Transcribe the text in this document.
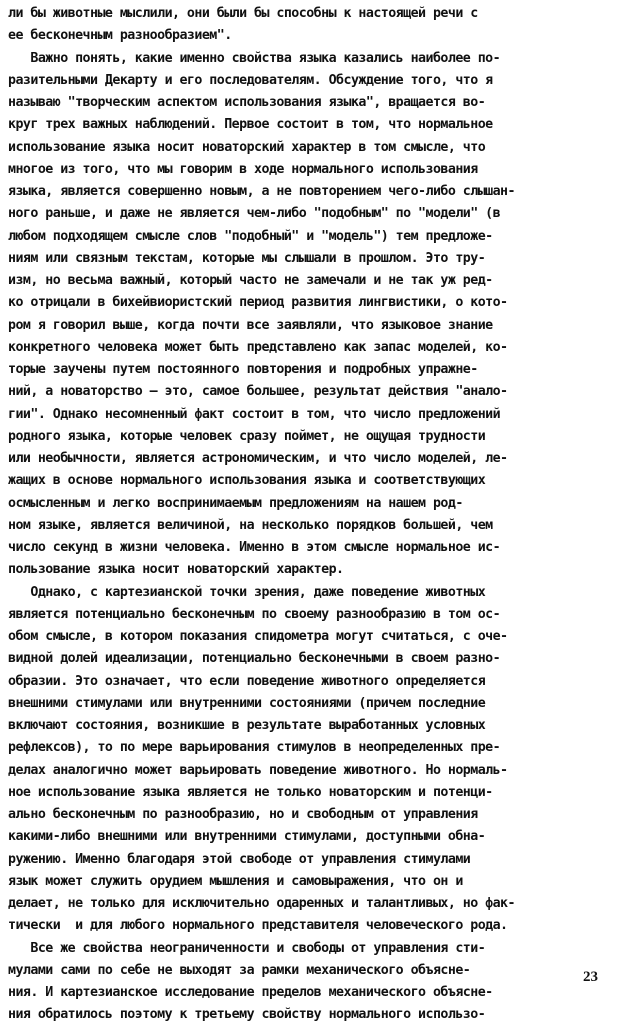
ли бы животные мыслили, они были бы способны к настоящей речи с
ее бесконечным разнообразием".
Важно понять, какие именно свойства языка казались наиболее по-
разительными Декарту и его последователям. Обсуждение того, что я
называю "творческим аспектом использования языка", вращается во-
круг трех важных наблюдений. Первое состоит в том, что нормальное
использование языка носит новаторский характер в том смысле, что
многое из того, что мы говорим в ходе нормального использования
языка, является совершенно новым, а не повторением чего-либо слышан-
ного раньше, и даже не является чем-либо "подобным" по "модели" (в
любом подходящем смысле слов "подобный" и "модель") тем предложе-
ниям или связным текстам, которые мы слышали в прошлом. Это тру-
изм, но весьма важный, который часто не замечали и не так уж ред-
ко отрицали в бихейвиористский период развития лингвистики, о кото-
ром я говорил выше, когда почти все заявляли, что языковое знание
конкретного человека может быть представлено как запас моделей, ко-
торые заучены путем постоянного повторения и подробных упражне-
ний, а новаторство – это, самое большее, результат действия "анало-
гии". Однако несомненный факт состоит в том, что число предложений
родного языка, которые человек сразу поймет, не ощущая трудности
или необычности, является астрономическим, и что число моделей, ле-
жащих в основе нормального использования языка и соответствующих
осмысленным и легко воспринимаемым предложениям на нашем род-
ном языке, является величиной, на несколько порядков большей, чем
число секунд в жизни человека. Именно в этом смысле нормальное ис-
пользование языка носит новаторский характер.
Однако, с картезианской точки зрения, даже поведение животных
является потенциально бесконечным по своему разнообразию в том ос-
обом смысле, в котором показания спидометра могут считаться, с оче-
видной долей идеализации, потенциально бесконечными в своем разно-
образии. Это означает, что если поведение животного определяется
внешними стимулами или внутренними состояниями (причем последние
включают состояния, возникшие в результате выработанных условных
рефлексов), то по мере варьирования стимулов в неопределенных пре-
делах аналогично может варьировать поведение животного. Но нормаль-
ное использование языка является не только новаторским и потенци-
ально бесконечным по разнообразию, но и свободным от управления
какими-либо внешними или внутренними стимулами, доступными обна-
ружению. Именно благодаря этой свободе от управления стимулами
язык может служить орудием мышления и самовыражения, что он и
делает, не только для исключительно одаренных и талантливых, но фак-
тически  и для любого нормального представителя человеческого рода.
Все же свойства неограниченности и свободы от управления сти-
мулами сами по себе не выходят за рамки механического объясне-
ния. И картезианское исследование пределов механического объясне-
ния обратилось поэтому к третьему свойству нормального использо-
23
